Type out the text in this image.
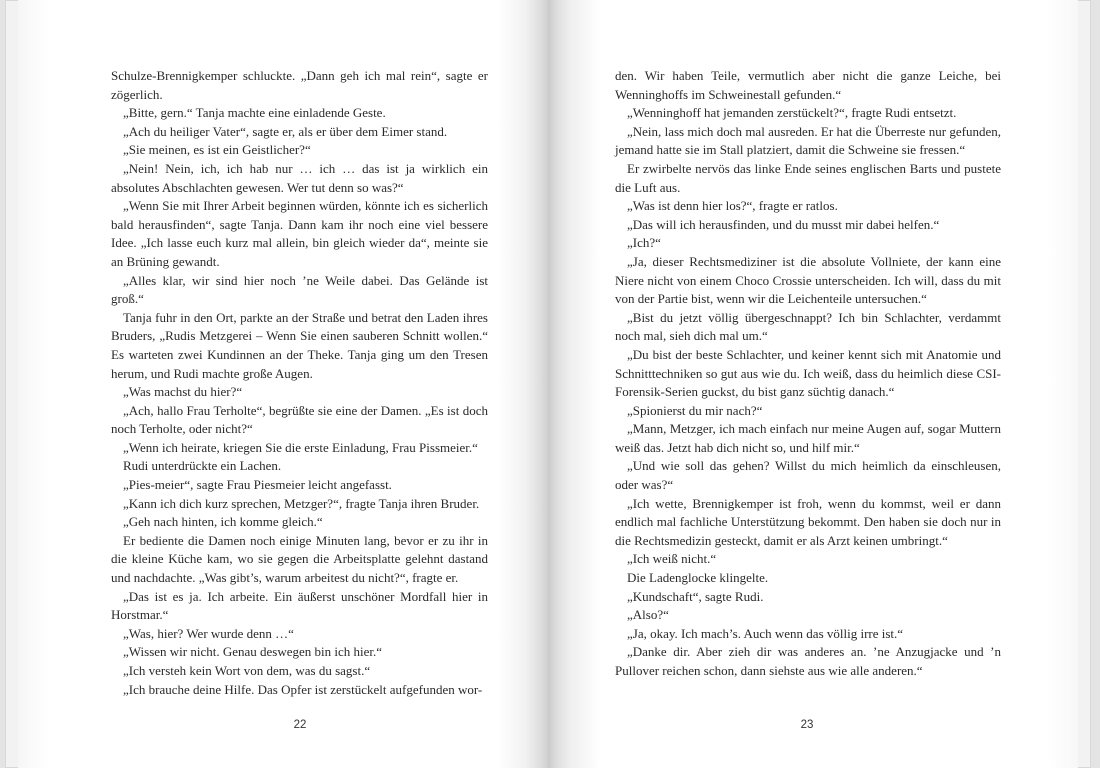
Schulze-Brennigkemper schluckte. „Dann geh ich mal rein“, sagte er zögerlich.

„Bitte, gern.“ Tanja machte eine einladende Geste.

„Ach du heiliger Vater“, sagte er, als er über dem Eimer stand.

„Sie meinen, es ist ein Geistlicher?“

„Nein! Nein, ich, ich hab nur … ich … das ist ja wirklich ein absolutes Abschlachten gewesen. Wer tut denn so was?“

„Wenn Sie mit Ihrer Arbeit beginnen würden, könnte ich es sicherlich bald herausfinden“, sagte Tanja. Dann kam ihr noch eine viel bessere Idee. „Ich lasse euch kurz mal allein, bin gleich wieder da“, meinte sie an Brüning gewandt.

„Alles klar, wir sind hier noch ’ne Weile dabei. Das Gelände ist groß.“

Tanja fuhr in den Ort, parkte an der Straße und betrat den Laden ihres Bruders, „Rudis Metzgerei – Wenn Sie einen sauberen Schnitt wollen.“ Es warteten zwei Kundinnen an der Theke. Tanja ging um den Tresen herum, und Rudi machte große Augen.

„Was machst du hier?“

„Ach, hallo Frau Terholte“, begrüßte sie eine der Damen. „Es ist doch noch Terholte, oder nicht?“

„Wenn ich heirate, kriegen Sie die erste Einladung, Frau Pissmeier.“

Rudi unterdrückte ein Lachen.

„Pies-meier“, sagte Frau Piesmeier leicht angefasst.

„Kann ich dich kurz sprechen, Metzger?“, fragte Tanja ihren Bruder.

„Geh nach hinten, ich komme gleich.“

Er bediente die Damen noch einige Minuten lang, bevor er zu ihr in die kleine Küche kam, wo sie gegen die Arbeitsplatte gelehnt dastand und nachdachte. „Was gibt’s, warum arbeitest du nicht?“, fragte er.

„Das ist es ja. Ich arbeite. Ein äußerst unschöner Mordfall hier in Horstmar.“

„Was, hier? Wer wurde denn …“

„Wissen wir nicht. Genau deswegen bin ich hier.“

„Ich versteh kein Wort von dem, was du sagst.“

„Ich brauche deine Hilfe. Das Opfer ist zerstückelt aufgefunden wor-

22

den. Wir haben Teile, vermutlich aber nicht die ganze Leiche, bei Wenninghoffs im Schweinestall gefunden.“

„Wenninghoff hat jemanden zerstückelt?“, fragte Rudi entsetzt.

„Nein, lass mich doch mal ausreden. Er hat die Überreste nur gefunden, jemand hatte sie im Stall platziert, damit die Schweine sie fressen.“

Er zwirbelte nervös das linke Ende seines englischen Barts und pustete die Luft aus.

„Was ist denn hier los?“, fragte er ratlos.

„Das will ich herausfinden, und du musst mir dabei helfen.“

„Ich?“

„Ja, dieser Rechtsmediziner ist die absolute Vollniete, der kann eine Niere nicht von einem Choco Crossie unterscheiden. Ich will, dass du mit von der Partie bist, wenn wir die Leichenteile untersuchen.“

„Bist du jetzt völlig übergeschnappt? Ich bin Schlachter, verdammt noch mal, sieh dich mal um.“

„Du bist der beste Schlachter, und keiner kennt sich mit Anatomie und Schnitttechniken so gut aus wie du. Ich weiß, dass du heimlich diese CSI-Forensik-Serien guckst, du bist ganz süchtig danach.“

„Spionierst du mir nach?“

„Mann, Metzger, ich mach einfach nur meine Augen auf, sogar Muttern weiß das. Jetzt hab dich nicht so, und hilf mir.“

„Und wie soll das gehen? Willst du mich heimlich da einschleusen, oder was?“

„Ich wette, Brennigkemper ist froh, wenn du kommst, weil er dann endlich mal fachliche Unterstützung bekommt. Den haben sie doch nur in die Rechtsmedizin gesteckt, damit er als Arzt keinen umbringt.“

„Ich weiß nicht.“

Die Ladenglocke klingelte.

„Kundschaft“, sagte Rudi.

„Also?“

„Ja, okay. Ich mach’s. Auch wenn das völlig irre ist.“

„Danke dir. Aber zieh dir was anderes an. ’ne Anzugjacke und ’n Pullover reichen schon, dann siehste aus wie alle anderen.“

23
